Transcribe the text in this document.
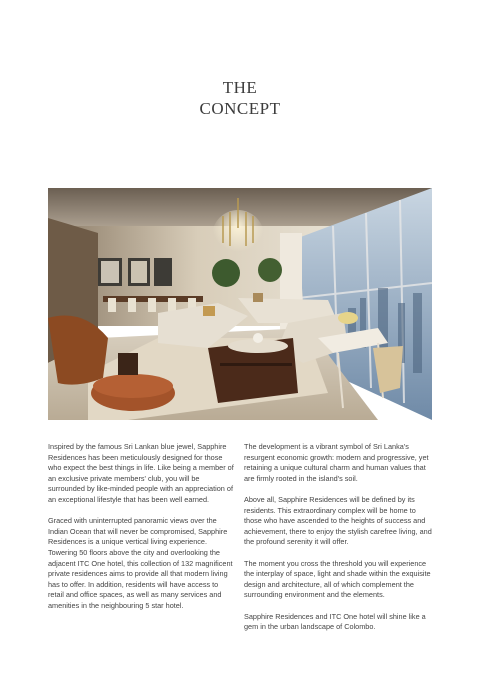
THE
CONCEPT

Inspired by the famous Sri Lankan blue jewel, Sapphire Residences has been meticulously designed for those who expect the best things in life. Like being a member of an exclusive private members' club, you will be surrounded by like-minded people with an appreciation of an exceptional lifestyle that has been well earned.

Graced with uninterrupted panoramic views over the Indian Ocean that will never be compromised, Sapphire Residences is a unique vertical living experience. Towering 50 floors above the city and overlooking the adjacent ITC One hotel, this collection of 132 magnificent private residences aims to provide all that modern living has to offer. In addition, residents will have access to retail and office spaces, as well as many services and amenities in the neighbouring 5 star hotel.

The development is a vibrant symbol of Sri Lanka's resurgent economic growth: modern and progressive, yet retaining a unique cultural charm and human values that are firmly rooted in the island's soil.

Above all, Sapphire Residences will be defined by its residents. This extraordinary complex will be home to those who have ascended to the heights of success and achievement, there to enjoy the stylish carefree living, and the profound serenity it will offer.

The moment you cross the threshold you will experience the interplay of space, light and shade within the exquisite design and architecture, all of which complement the surrounding environment and the elements.

Sapphire Residences and ITC One hotel will shine like a gem in the urban landscape of Colombo.
